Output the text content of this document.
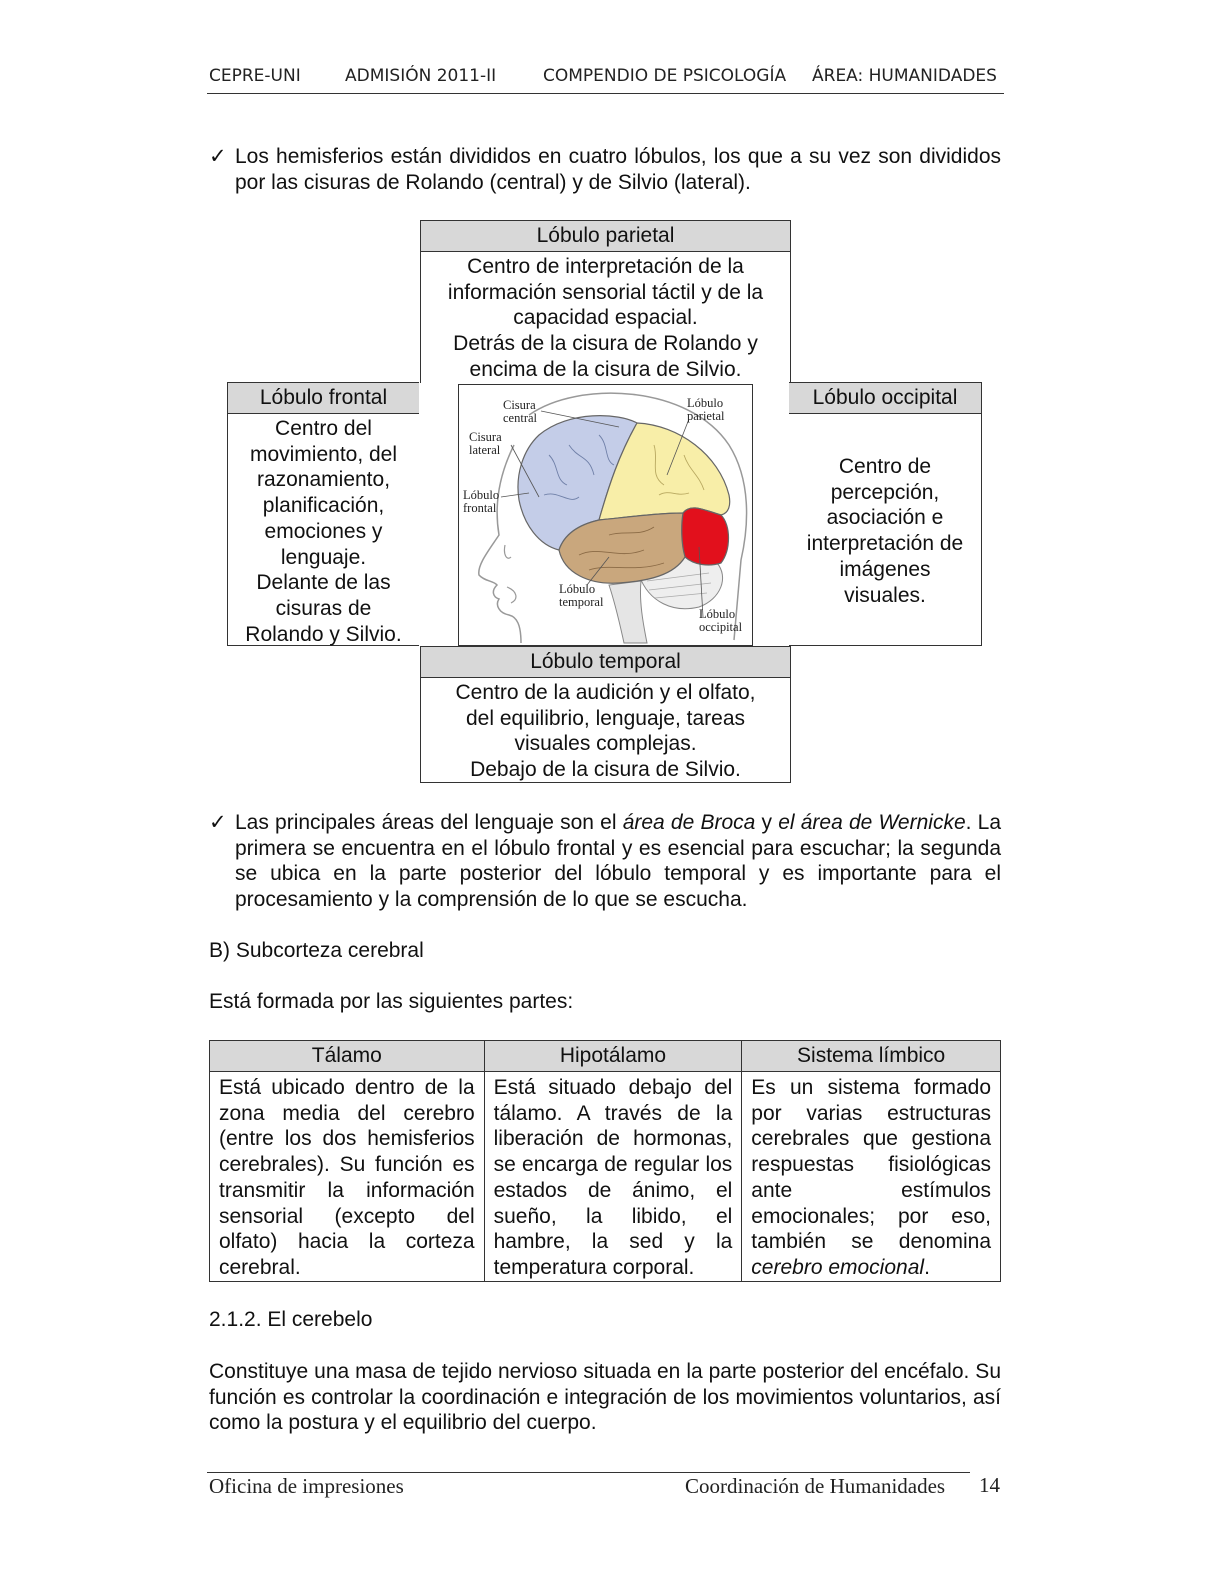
CEPRE-UNI	ADMISIÓN 2011-II	COMPENDIO DE PSICOLOGÍA ÁREA: HUMANIDADES
✓ Los hemisferios están divididos en cuatro lóbulos, los que a su vez son divididos por las cisuras de Rolando (central) y de Silvio (lateral).
Lóbulo parietal
Centro de interpretación de la
información sensorial táctil y de la
capacidad espacial.
Detrás de la cisura de Rolando y
encima de la cisura de Silvio.
Lóbulo frontal
Centro del
movimiento, del
razonamiento,
planificación,
emociones y
lenguaje.
Delante de las
cisuras de
Rolando y Silvio.
Cisura
central
Cisura
lateral
Lóbulo
frontal
Lóbulo
parietal
Lóbulo
temporal
Lóbulo
occipital
Lóbulo occipital
Centro de
percepción,
asociación e
interpretación de
imágenes
visuales.
Lóbulo temporal
Centro de la audición y el olfato,
del equilibrio, lenguaje, tareas
visuales complejas.
Debajo de la cisura de Silvio.
✓ Las principales áreas del lenguaje son el área de Broca y el área de Wernicke. La primera se encuentra en el lóbulo frontal y es esencial para escuchar; la segunda se ubica en la parte posterior del lóbulo temporal y es importante para el procesamiento y la comprensión de lo que se escucha.
B) Subcorteza cerebral
Está formada por las siguientes partes:
Tálamo	Hipotálamo	Sistema límbico
Está ubicado dentro de la zona media del cerebro (entre los dos hemisferios cerebrales). Su función es transmitir la información sensorial (excepto del olfato) hacia la corteza cerebral.	Está situado debajo del tálamo. A través de la liberación de hormonas, se encarga de regular los estados de ánimo, el sueño, la libido, el hambre, la sed y la temperatura corporal.	Es un sistema formado por varias estructuras cerebrales que gestiona respuestas fisiológicas ante estímulos emocionales; por eso, también se denomina cerebro emocional.
2.1.2. El cerebelo
Constituye una masa de tejido nervioso situada en la parte posterior del encéfalo. Su función es controlar la coordinación e integración de los movimientos voluntarios, así como la postura y el equilibrio del cuerpo.
Oficina de impresiones	Coordinación de Humanidades 14
